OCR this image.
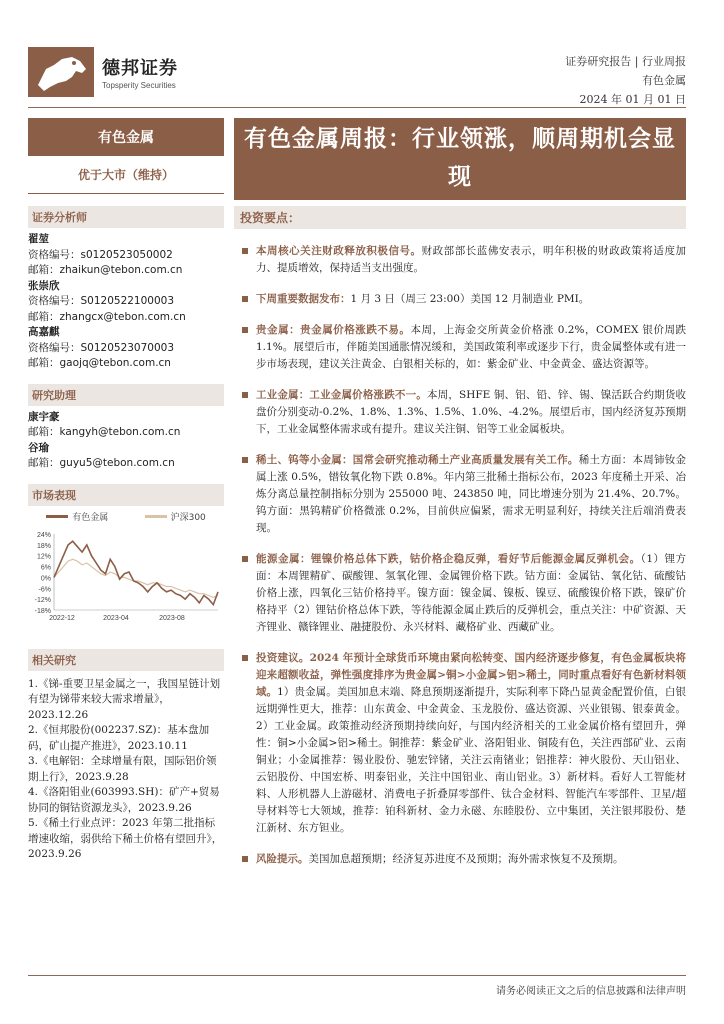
德邦证券
Topsperity Securities
证券研究报告 | 行业周报
有色金属
2024 年 01 月 01 日
有色金属
优于大市（维持）
证券分析师
翟堃
资格编号：s0120523050002
邮箱：zhaikun@tebon.com.cn
张崇欣
资格编号：S0120522100003
邮箱：zhangcx@tebon.com.cn
高嘉麒
资格编号：S0120523070003
邮箱：gaojq@tebon.com.cn
研究助理
康宇豪
邮箱：kangyh@tebon.com.cn
谷瑜
邮箱：guyu5@tebon.com.cn
市场表现
有色金属	沪深300
24%
18%
12%
6%
0%
-6%
-12%
-18%
2022-12	2023-04	2023-08
相关研究
1.《锑-重要卫星金属之一，我国星链计划有望为锑带来较大需求增量》，2023.12.26
2.《恒邦股份(002237.SZ)：基本盘加码，矿山提产推进》，2023.10.11
3.《电解铝：全球增量有限，国际铝价领期上行》，2023.9.28
4.《洛阳钼业(603993.SH)：矿产+贸易协同的铜钴资源龙头》，2023.9.26
5.《稀土行业点评：2023 年第二批指标增速收缩，弱供给下稀土价格有望回升》，2023.9.26
有色金属周报：行业领涨，顺周期机会显现
投资要点：
本周核心关注财政释放积极信号。财政部部长蓝佛安表示，明年积极的财政政策将适度加力、提质增效，保持适当支出强度。
下周重要数据发布：1 月 3 日（周三 23:00）美国 12 月制造业 PMI。
贵金属：贵金属价格涨跌不易。本周，上海金交所黄金价格涨 0.2%，COMEX 银价周跌 1.1%。展望后市，伴随美国通胀情况缓和，美国政策利率或逐步下行，贵金属整体或有进一步市场表现，建议关注黄金、白银相关标的，如：紫金矿业、中金黄金、盛达资源等。
工业金属：工业金属价格涨跌不一。本周，SHFE 铜、铝、铅、锌、锡、镍活跃合约期货收盘价分别变动-0.2%、1.8%、1.3%、1.5%、1.0%、-4.2%。展望后市，国内经济复苏预期下，工业金属整体需求或有提升。建议关注铜、铝等工业金属板块。
稀土、钨等小金属：国常会研究推动稀土产业高质量发展有关工作。稀土方面：本周铈钕金属上涨 0.5%，镨钕氧化物下跌 0.8%。年内第三批稀土指标公布，2023 年度稀土开采、冶炼分离总量控制指标分别为 255000 吨、243850 吨，同比增速分别为 21.4%、20.7%。钨方面：黑钨精矿价格微涨 0.2%，目前供应偏紧，需求无明显利好，持续关注后端消费表现。
能源金属：锂镍价格总体下跌，钴价格企稳反弹，看好节后能源金属反弹机会。（1）锂方面：本周锂精矿、碳酸锂、氢氧化锂、金属锂价格下跌。钴方面：金属钴、氧化钴、硫酸钴价格上涨，四氧化三钴价格持平。镍方面：镍金属、镍板、镍豆、硫酸镍价格下跌，镍矿价格持平（2）锂钴价格总体下跌，等待能源金属止跌后的反弹机会，重点关注：中矿资源、天齐锂业、赣锋锂业、融捷股份、永兴材料、藏格矿业、西藏矿业。
投资建议。2024 年预计全球货币环境由紧向松转变、国内经济逐步修复，有色金属板块将迎来超额收益，弹性强度排序为贵金属>铜>小金属>铝>稀土，同时重点看好有色新材料领域。1）贵金属。美国加息末端、降息预期逐渐提升，实际利率下降凸显黄金配置价值，白银远期弹性更大，推荐：山东黄金、中金黄金、玉龙股份、盛达资源、兴业银锡、银泰黄金。2）工业金属。政策推动经济预期持续向好，与国内经济相关的工业金属价格有望回升，弹性：铜>小金属>铝>稀土。铜推荐：紫金矿业、洛阳钼业、铜陵有色，关注西部矿业、云南铜业；小金属推荐：锡业股份、驰宏锌锗，关注云南锗业；铝推荐：神火股份、天山铝业、云铝股份、中国宏桥、明泰铝业，关注中国铝业、南山铝业。3）新材料。看好人工智能材料、人形机器人上游磁材、消费电子折叠屏零部件、钛合金材料、智能汽车零部件、卫星/超导材料等七大领域，推荐：铂科新材、金力永磁、东睦股份、立中集团，关注银邦股份、楚江新材、东方钽业。
风险提示。美国加息超预期；经济复苏进度不及预期；海外需求恢复不及预期。
请务必阅读正文之后的信息披露和法律声明
